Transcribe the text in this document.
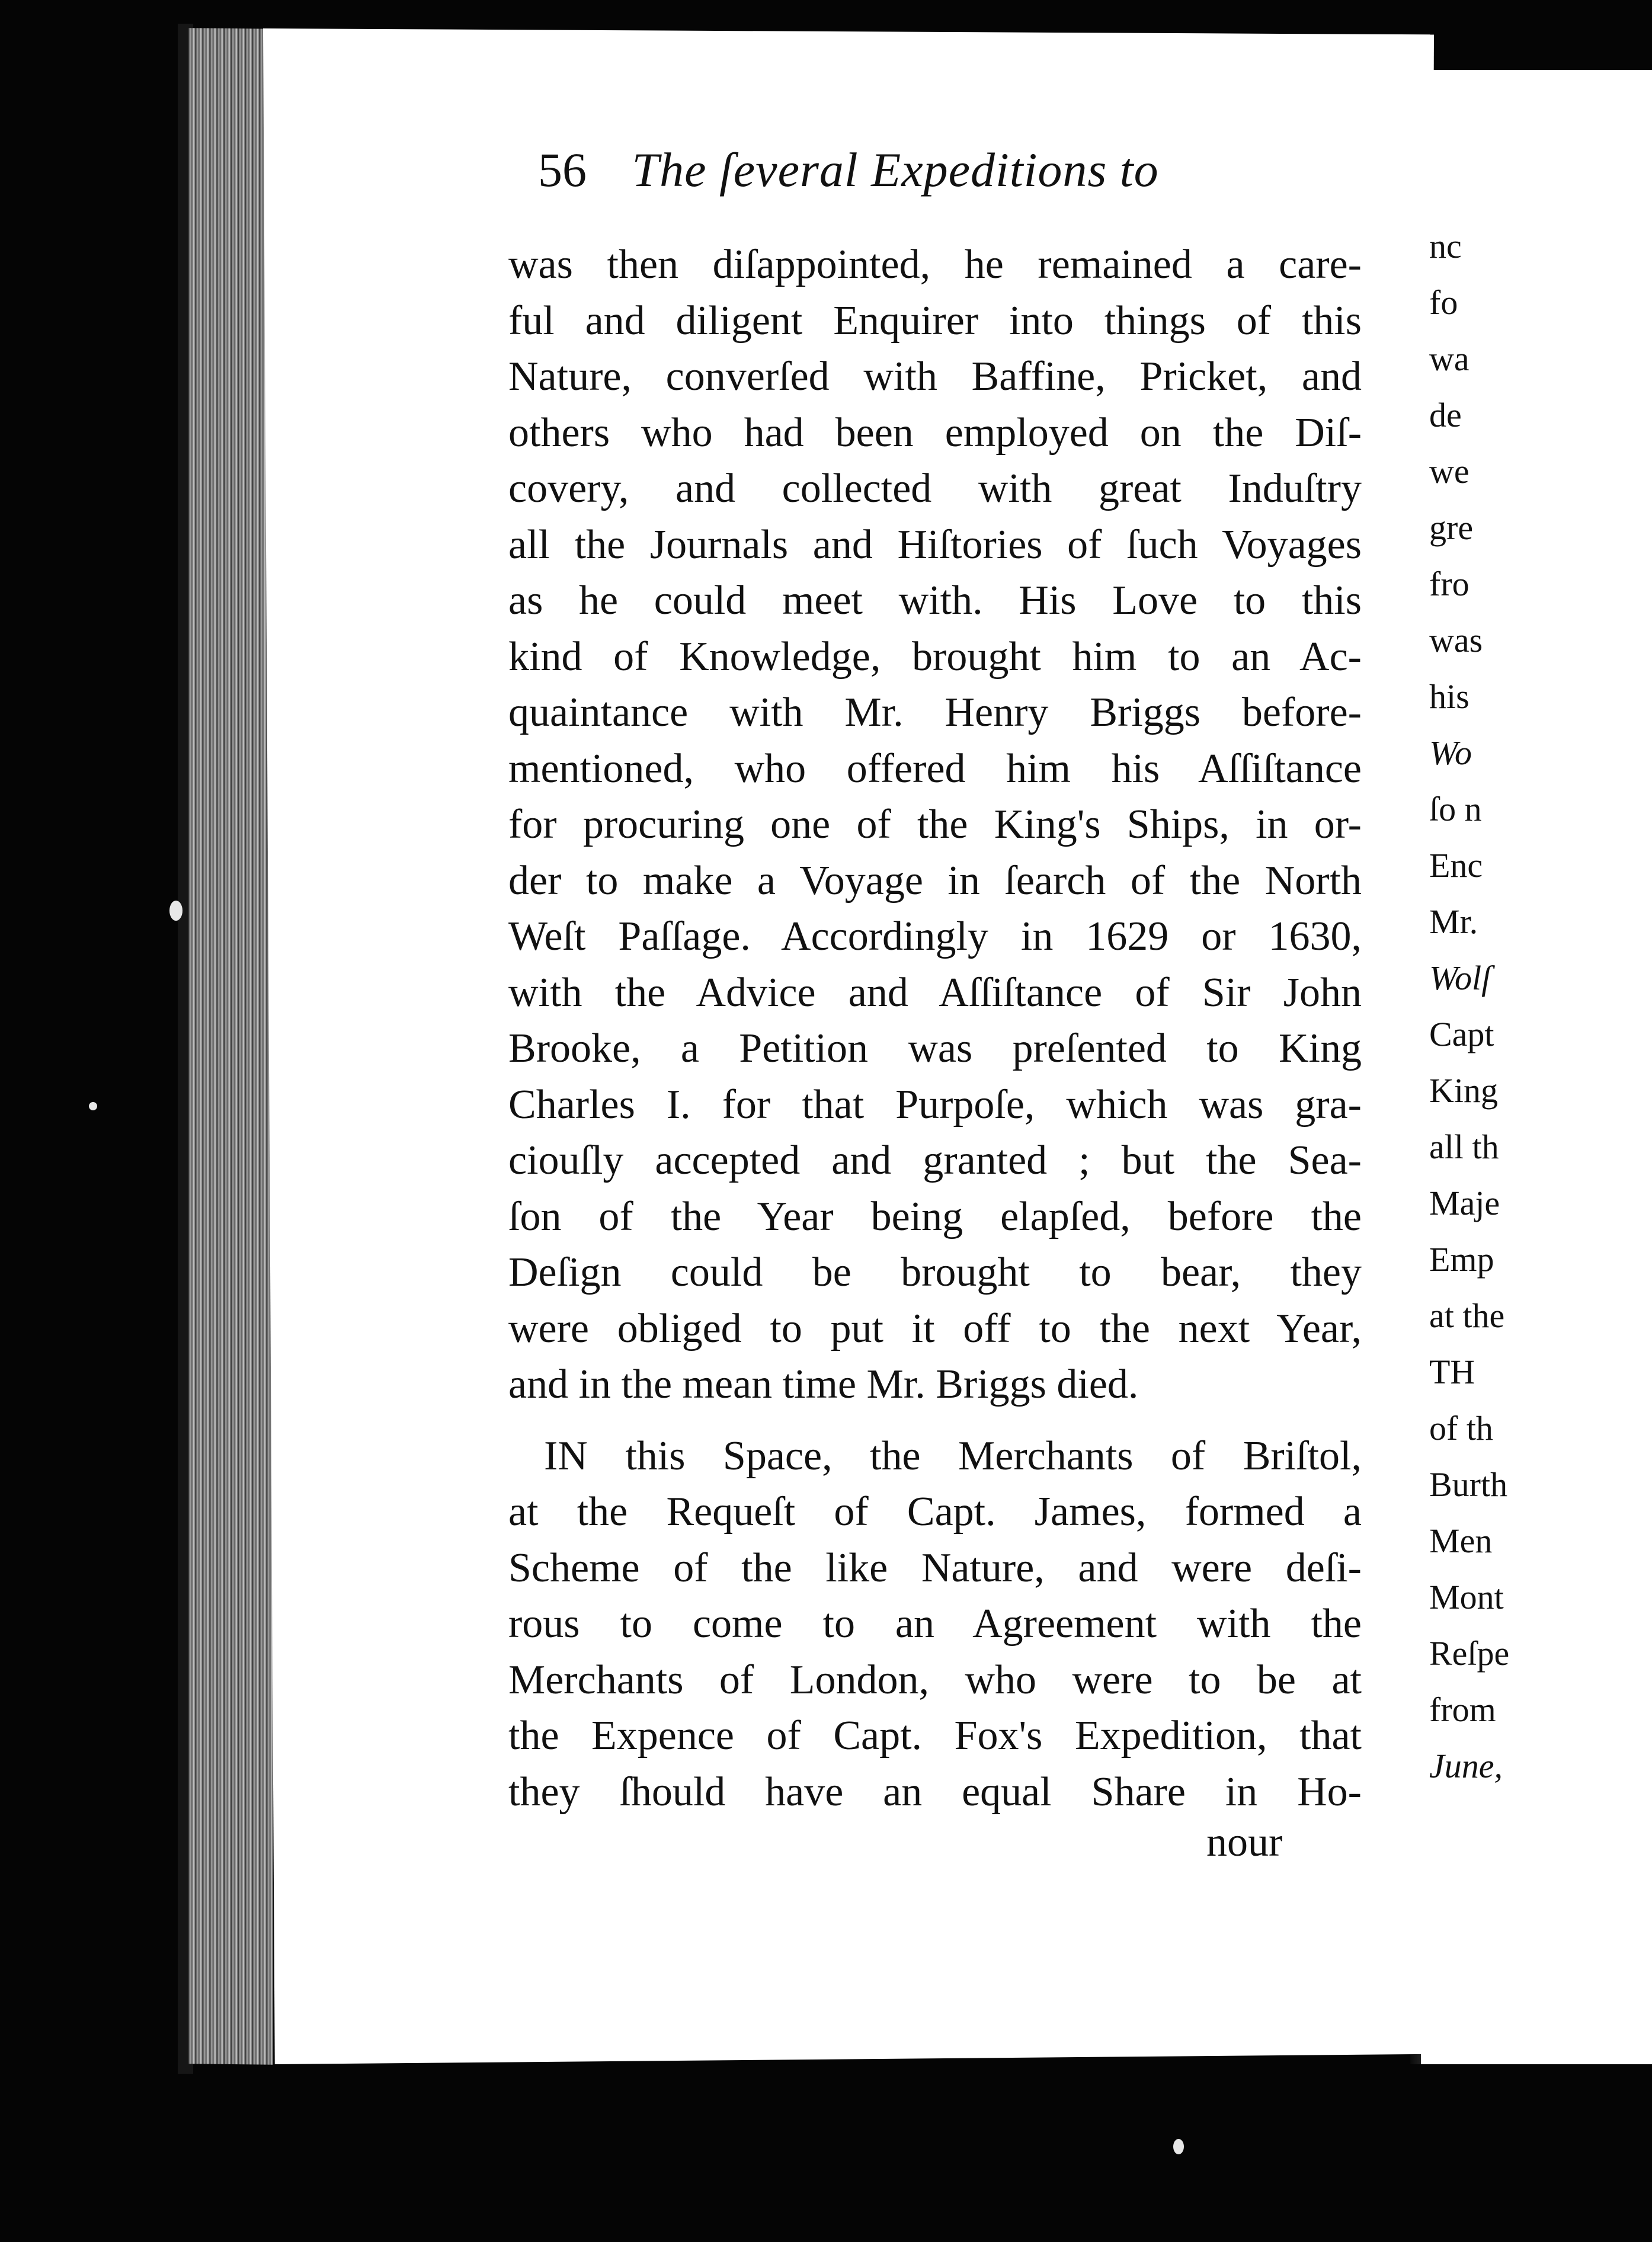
56 The ſeveral Expeditions to
was then diſappointed, he remained a care-
ful and diligent Enquirer into things of this
Nature, converſed with Baffine, Pricket, and
others who had been employed on the Diſ-
covery, and collected with great Induſtry
all the Journals and Hiſtories of ſuch Voyages
as he could meet with. His Love to this
kind of Knowledge, brought him to an Ac-
quaintance with Mr. Henry Briggs before-
mentioned, who offered him his Aſſiſtance
for procuring one of the King's Ships, in or-
der to make a Voyage in ſearch of the North
Weſt Paſſage. Accordingly in 1629 or 1630,
with the Advice and Aſſiſtance of Sir John
Brooke, a Petition was preſented to King
Charles I. for that Purpoſe, which was gra-
ciouſly accepted and granted ; but the Sea-
ſon of the Year being elapſed, before the
Deſign could be brought to bear, they
were obliged to put it off to the next Year,
and in the mean time Mr. Briggs died.
IN this Space, the Merchants of Briſtol,
at the Requeſt of Capt. James, formed a
Scheme of the like Nature, and were deſi-
rous to come to an Agreement with the
Merchants of London, who were to be at
the Expence of Capt. Fox's Expedition, that
they ſhould have an equal Share in Ho-
nour
nc
fo
wa
de
we
gre
fro
was
his
Wo
ſo n
Enc
Mr.
Wolſ
Capt
King
all th
Maje
Emp
at the
TH
of th
Burth
Men
Mont
Reſpe
from
June,
